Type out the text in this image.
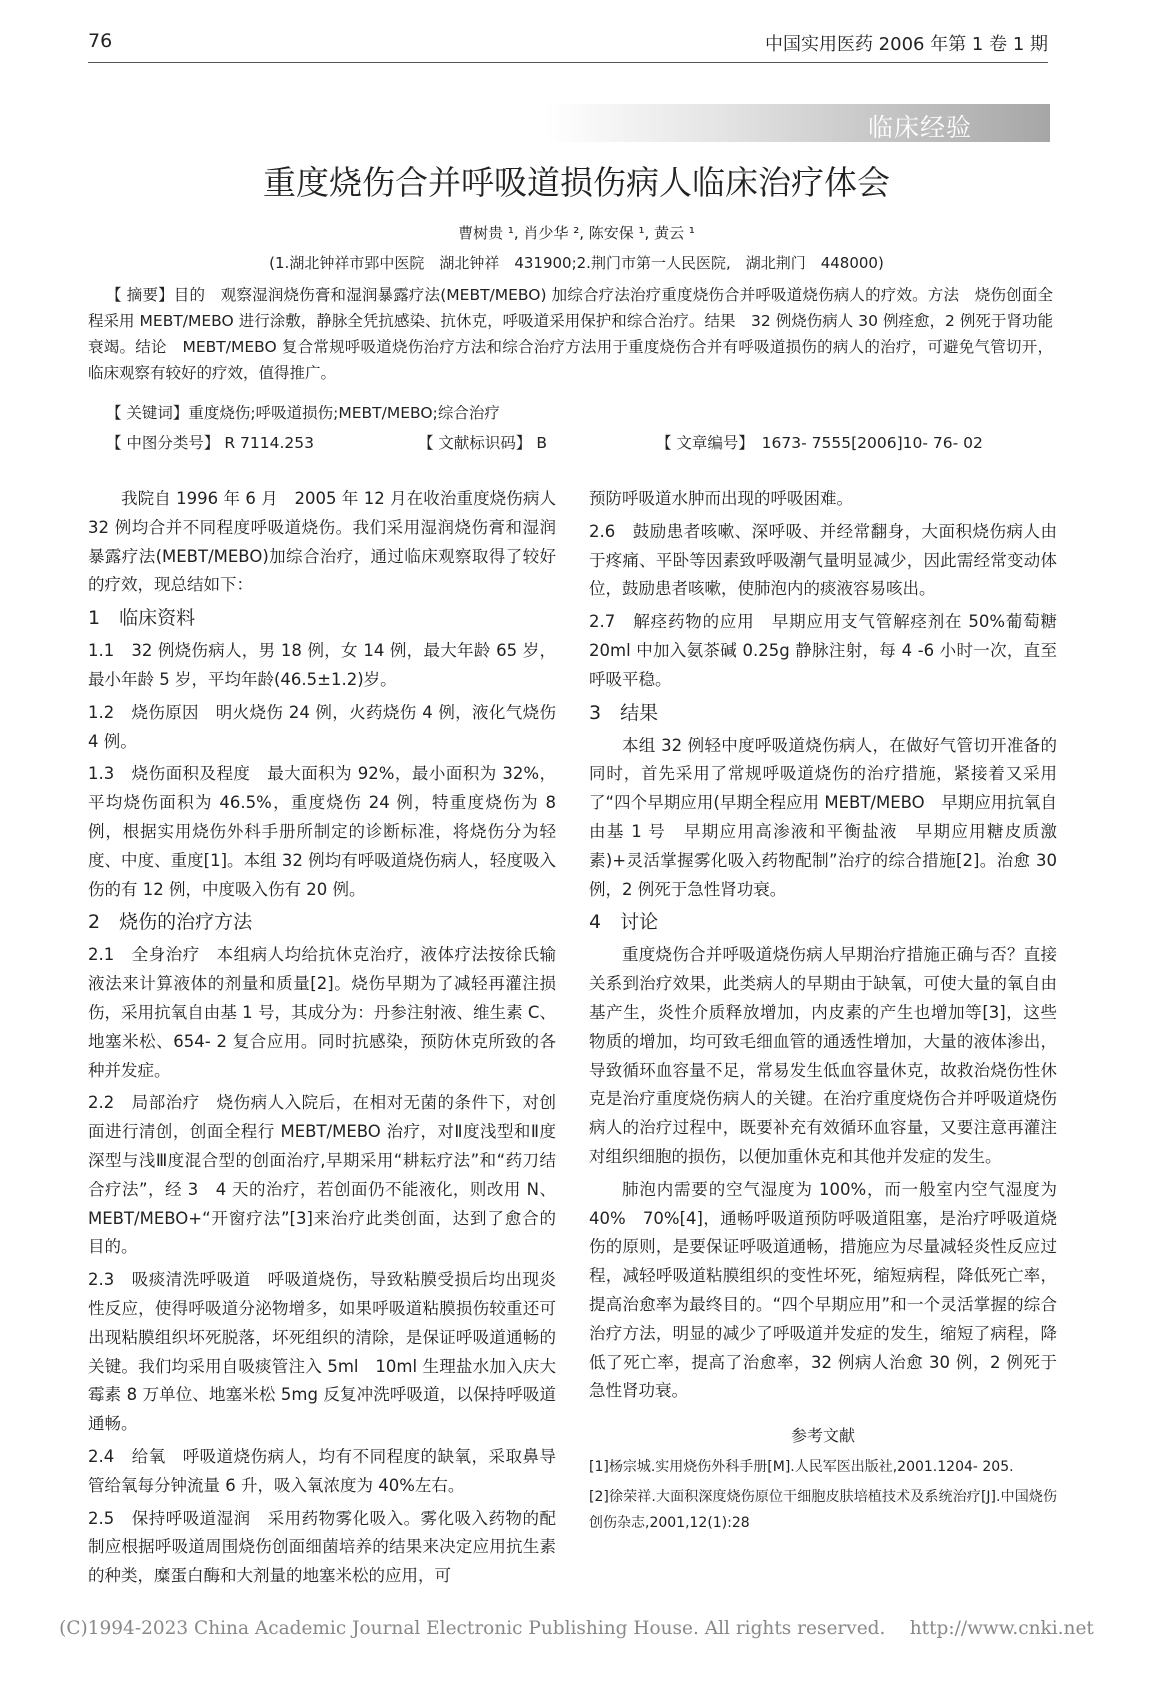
76	中国实用医药 2006 年第 1 卷 1 期
临床经验
重度烧伤合并呼吸道损伤病人临床治疗体会
曹树贵 ¹, 肖少华 ², 陈安保 ¹, 黄云 ¹
(1.湖北钟祥市郢中医院　湖北钟祥　431900;2.荆门市第一人民医院,　湖北荆门　448000)
【 摘要】目的　观察湿润烧伤膏和湿润暴露疗法(MEBT/MEBO) 加综合疗法治疗重度烧伤合并呼吸道烧伤病人的疗效。方法　烧伤创面全程采用 MEBT/MEBO 进行涂敷，静脉全凭抗感染、抗休克，呼吸道采用保护和综合治疗。结果　32 例烧伤病人 30 例痊愈，2 例死于肾功能衰竭。结论　MEBT/MEBO 复合常规呼吸道烧伤治疗方法和综合治疗方法用于重度烧伤合并有呼吸道损伤的病人的治疗，可避免气管切开，临床观察有较好的疗效，值得推广。
【 关键词】重度烧伤;呼吸道损伤;MEBT/MEBO;综合治疗
【 中图分类号】 R 7114.253	【 文献标识码】 B	【 文章编号】　1673- 7555[2006]10- 76- 02

我院自 1996 年 6 月　2005 年 12 月在收治重度烧伤病人 32 例均合并不同程度呼吸道烧伤。我们采用湿润烧伤膏和湿润暴露疗法(MEBT/MEBO)加综合治疗，通过临床观察取得了较好的疗效，现总结如下：

1　临床资料

1.1　32 例烧伤病人，男 18 例，女 14 例，最大年龄 65 岁，最小年龄 5 岁，平均年龄(46.5±1.2)岁。

1.2　烧伤原因　明火烧伤 24 例，火药烧伤 4 例，液化气烧伤 4 例。

1.3　烧伤面积及程度　最大面积为 92%，最小面积为 32%，平均烧伤面积为 46.5%，重度烧伤 24 例，特重度烧伤为 8 例，根据实用烧伤外科手册所制定的诊断标准，将烧伤分为轻度、中度、重度[1]。本组 32 例均有呼吸道烧伤病人，轻度吸入伤的有 12 例，中度吸入伤有 20 例。

2　烧伤的治疗方法

2.1　全身治疗　本组病人均给抗休克治疗，液体疗法按徐氏输液法来计算液体的剂量和质量[2]。烧伤早期为了减轻再灌注损伤，采用抗氧自由基 1 号，其成分为：丹参注射液、维生素 C、地塞米松、654- 2 复合应用。同时抗感染，预防休克所致的各种并发症。

2.2　局部治疗　烧伤病人入院后，在相对无菌的条件下，对创面进行清创，创面全程行 MEBT/MEBO 治疗，对Ⅱ度浅型和Ⅱ度深型与浅Ⅲ度混合型的创面治疗,早期采用“耕耘疗法”和“药刀结合疗法”，经 3　4 天的治疗，若创面仍不能液化，则改用 N、MEBT/MEBO+“开窗疗法”[3]来治疗此类创面，达到了愈合的目的。

2.3　吸痰清洗呼吸道　呼吸道烧伤，导致粘膜受损后均出现炎性反应，使得呼吸道分泌物增多，如果呼吸道粘膜损伤较重还可出现粘膜组织坏死脱落，坏死组织的清除，是保证呼吸道通畅的关键。我们均采用自吸痰管注入 5ml　10ml 生理盐水加入庆大霉素 8 万单位、地塞米松 5mg 反复冲洗呼吸道，以保持呼吸道通畅。

2.4　给氧　呼吸道烧伤病人，均有不同程度的缺氧，采取鼻导管给氧每分钟流量 6 升，吸入氧浓度为 40%左右。

2.5　保持呼吸道湿润　采用药物雾化吸入。雾化吸入药物的配制应根据呼吸道周围烧伤创面细菌培养的结果来决定应用抗生素的种类，糜蛋白酶和大剂量的地塞米松的应用，可

预防呼吸道水肿而出现的呼吸困难。

2.6　鼓励患者咳嗽、深呼吸、并经常翻身，大面积烧伤病人由于疼痛、平卧等因素致呼吸潮气量明显减少，因此需经常变动体位，鼓励患者咳嗽，使肺泡内的痰液容易咳出。

2.7　解痉药物的应用　早期应用支气管解痉剂在 50%葡萄糖 20ml 中加入氨茶碱 0.25g 静脉注射，每 4 -6 小时一次，直至呼吸平稳。

3　结果

本组 32 例轻中度呼吸道烧伤病人，在做好气管切开准备的同时，首先采用了常规呼吸道烧伤的治疗措施，紧接着又采用了“四个早期应用(早期全程应用 MEBT/MEBO　早期应用抗氧自由基 1 号　早期应用高渗液和平衡盐液　早期应用糖皮质激素)+灵活掌握雾化吸入药物配制”治疗的综合措施[2]。治愈 30 例，2 例死于急性肾功衰。

4　讨论

重度烧伤合并呼吸道烧伤病人早期治疗措施正确与否？直接关系到治疗效果，此类病人的早期由于缺氧，可使大量的氧自由基产生，炎性介质释放增加，内皮素的产生也增加等[3]，这些物质的增加，均可致毛细血管的通透性增加，大量的液体渗出，导致循环血容量不足，常易发生低血容量休克，故救治烧伤性休克是治疗重度烧伤病人的关键。在治疗重度烧伤合并呼吸道烧伤病人的治疗过程中，既要补充有效循环血容量，又要注意再灌注对组织细胞的损伤，以便加重休克和其他并发症的发生。

肺泡内需要的空气湿度为 100%，而一般室内空气湿度为 40%　70%[4]，通畅呼吸道预防呼吸道阻塞，是治疗呼吸道烧伤的原则，是要保证呼吸道通畅，措施应为尽量减轻炎性反应过程，减轻呼吸道粘膜组织的变性坏死，缩短病程，降低死亡率，提高治愈率为最终目的。“四个早期应用”和一个灵活掌握的综合治疗方法，明显的减少了呼吸道并发症的发生，缩短了病程，降低了死亡率，提高了治愈率，32 例病人治愈 30 例，2 例死于急性肾功衰。

参考文献

[1]杨宗城.实用烧伤外科手册[M].人民军医出版社,2001.1204- 205.

[2]徐荣祥.大面积深度烧伤原位干细胞皮肤培植技术及系统治疗[J].中国烧伤创伤杂志,2001,12(1):28

(C)1994-2023 China Academic Journal Electronic Publishing House. All rights reserved.　 http://www.cnki.net
